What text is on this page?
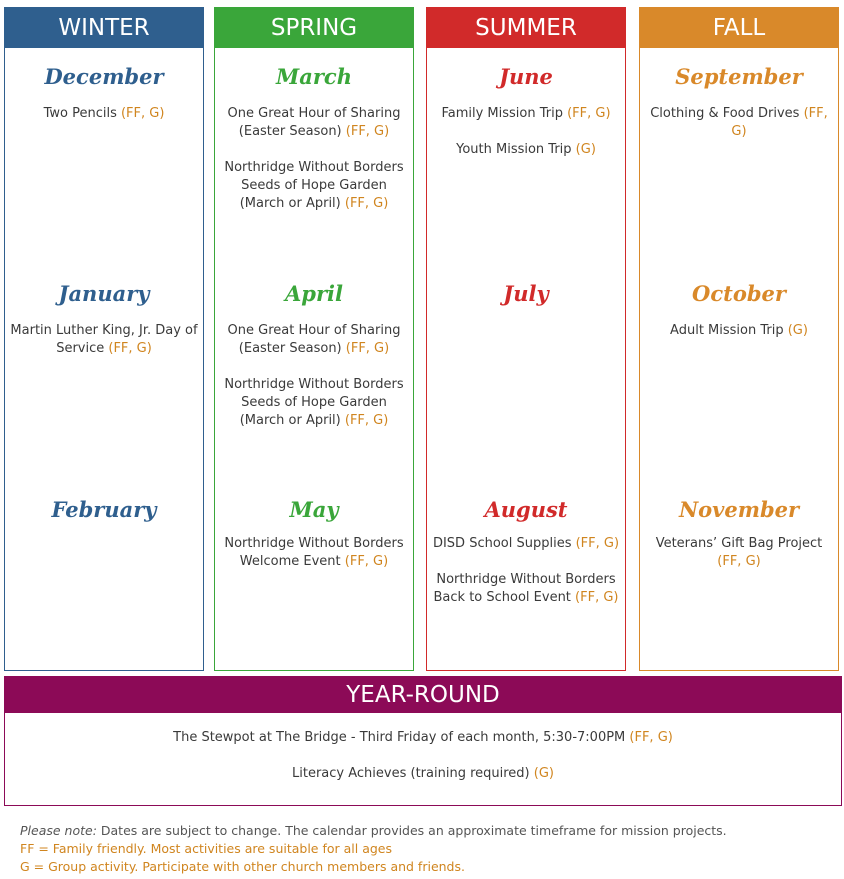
WINTER
December
Two Pencils (FF, G)
January
Martin Luther King, Jr. Day of Service (FF, G)
February
SPRING
March
One Great Hour of Sharing (Easter Season) (FF, G)
Northridge Without Borders Seeds of Hope Garden (March or April) (FF, G)
April
One Great Hour of Sharing (Easter Season) (FF, G)
Northridge Without Borders Seeds of Hope Garden (March or April) (FF, G)
May
Northridge Without Borders Welcome Event (FF, G)
SUMMER
June
Family Mission Trip (FF, G)
Youth Mission Trip (G)
July
August
DISD School Supplies (FF, G)
Northridge Without Borders Back to School Event (FF, G)
FALL
September
Clothing & Food Drives (FF, G)
October
Adult Mission Trip (G)
November
Veterans’ Gift Bag Project (FF, G)
YEAR-ROUND
The Stewpot at The Bridge - Third Friday of each month, 5:30-7:00PM (FF, G)
Literacy Achieves (training required) (G)
Please note: Dates are subject to change. The calendar provides an approximate timeframe for mission projects.
FF = Family friendly. Most activities are suitable for all ages
G = Group activity. Participate with other church members and friends.
